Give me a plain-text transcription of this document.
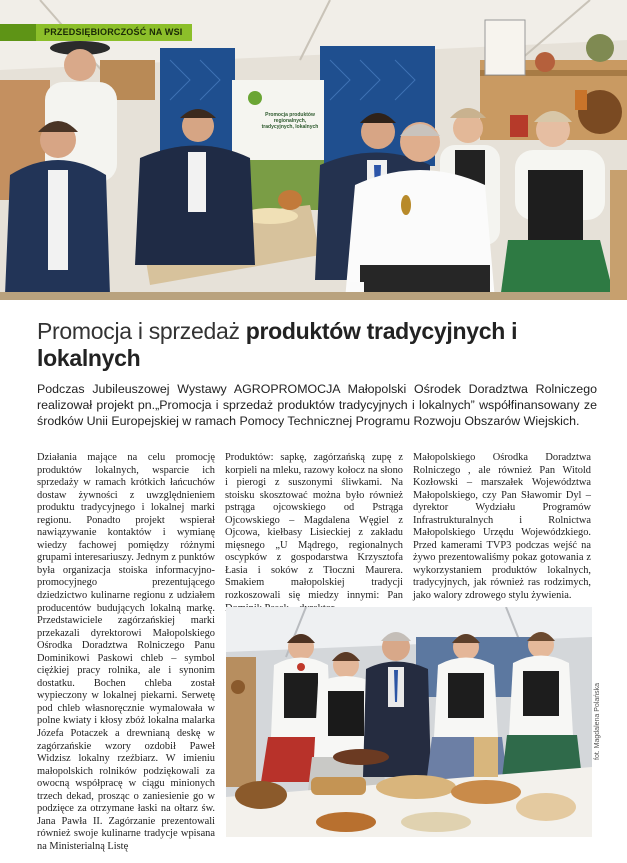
PRZEDSIĘBIORCZOŚĆ NA WSI
Promocja produktów regionalnych, tradycyjnych, lokalnych
Promocja i sprzedaż produktów tradycyjnych i lokalnych

Podczas Jubileuszowej Wystawy AGROPROMOCJA Małopolski Ośrodek Doradztwa Rolniczego realizował projekt pn.„Promocja i sprzedaż produktów tradycyjnych i lokalnych” współfinansowany ze środków Unii Europejskiej w ramach Pomocy Technicznej Programu Rozwoju Obszarów Wiejskich.

Działania mające na celu promocję produktów lokalnych, wsparcie ich sprzedaży w ramach krótkich łańcuchów dostaw żywności z uwzględnieniem produktu tradycyjnego i lokalnej marki regionu. Ponadto projekt wspierał nawiązywanie kontaktów i wymianę wiedzy fachowej pomiędzy różnymi grupami interesariuszy. Jednym z punktów była organizacja stoiska informacyjno-promocyjnego prezentującego dziedzictwo kulinarne regionu z udziałem producentów budujących lokalną markę. Przedstawiciele zagórzańskiej marki przekazali dyrektorowi Małopolskiego Ośrodka Doradztwa Rolniczego Panu Dominikowi Paskowi chleb – symbol ciężkiej pracy rolnika, ale i synonim dostatku. Bochen chleba został wypieczony w lokalnej piekarni. Serwetę pod chleb własnoręcznie wymalowała w polne kwiaty i kłosy zbóż lokalna malarka Józefa Potaczek a drewnianą deskę w zagórzańskie wzory ozdobił Paweł Widzisz lokalny rzeźbiarz. W imieniu małopolskich rolników podziękowali za owocną współpracę w ciągu minionych trzech dekad, prosząc o zaniesienie go w podzięce za otrzymane łaski na ołtarz św. Jana Pawła II. Zagórzanie prezentowali również swoje kulinarne tradycje wpisana na Ministerialną Listę

Produktów: sapkę, zagórzańską zupę z korpieli na mleku, razowy kołocz na słono i pierogi z suszonymi śliwkami. Na stoisku skosztować można było również pstrąga ojcowskiego od Pstrąga Ojcowskiego – Magdalena Węgiel z Ojcowa, kiełbasy Lisieckiej z zakładu mięsnego „U Mądrego, regionalnych oscypków z gospodarstwa Krzysztofa Łasia i soków z Tłoczni Maurera. Smakiem małopolskiej tradycji rozkoszowali się miedzy innymi: Pan

Małopolskiego Ośrodka Doradztwa Rolniczego , ale również Pan Witold Kozłowski – marszałek Województwa Małopolskiego, czy Pan Sławomir Dyl – dyrektor Wydziału Programów Infrastrukturalnych i Rolnictwa Małopolskiego Urzędu Wojewódzkiego. Przed kamerami TVP3 podczas wejść na żywo prezentowaliśmy pokaz gotowania z wykorzystaniem produktów lokalnych, tradycyjnych, jak również ras rodzimych, jako walory zdrowego stylu żywienia.

fot. Magdalena Polańska
